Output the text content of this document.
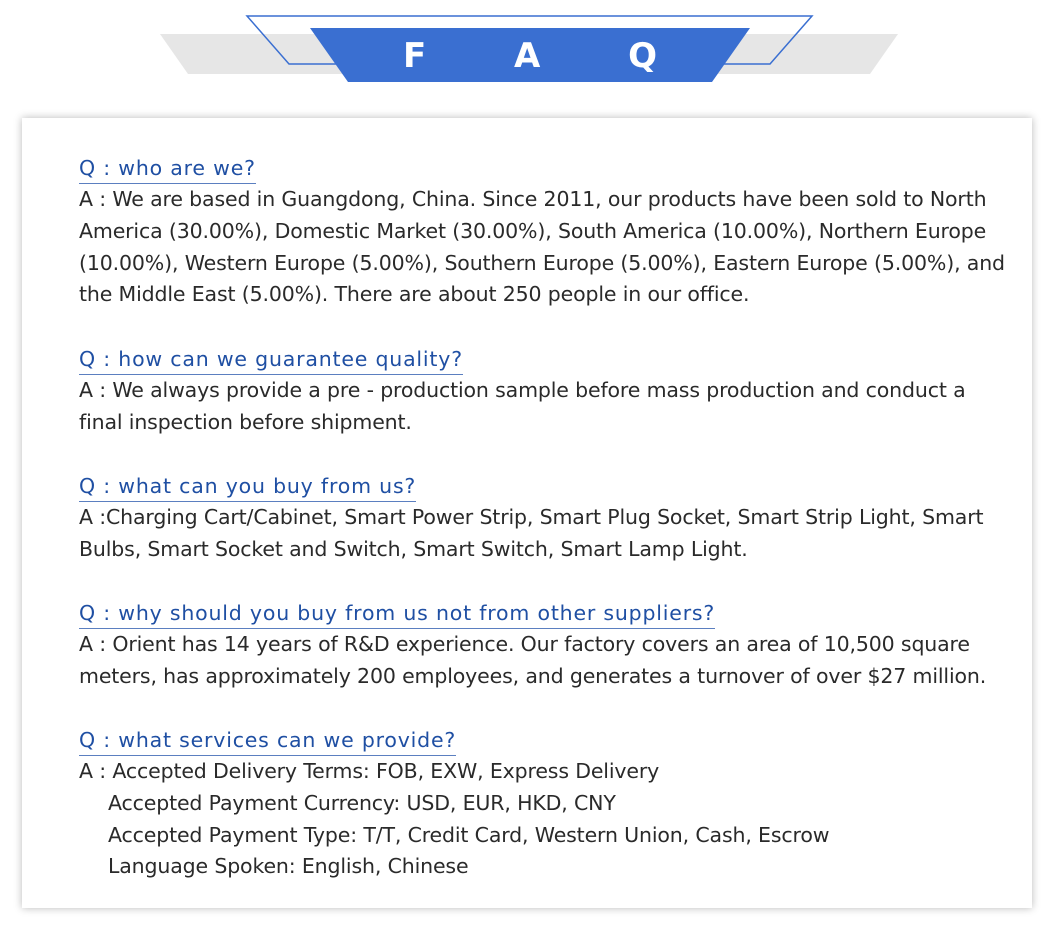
F A Q
Q : who are we?

A : We are based in Guangdong, China. Since 2011, our products have been sold to North America (30.00%), Domestic Market (30.00%), South America (10.00%), Northern Europe (10.00%), Western Europe (5.00%), Southern Europe (5.00%), Eastern Europe (5.00%), and the Middle East (5.00%). There are about 250 people in our office.

Q : how can we guarantee quality?

A : We always provide a pre - production sample before mass production and conduct a final inspection before shipment.

Q : what can you buy from us?

A :Charging Cart/Cabinet, Smart Power Strip, Smart Plug Socket, Smart Strip Light, Smart Bulbs, Smart Socket and Switch, Smart Switch, Smart Lamp Light.

Q : why should you buy from us not from other suppliers?

A : Orient has 14 years of R&D experience. Our factory covers an area of 10,500 square meters, has approximately 200 employees, and generates a turnover of over $27 million.

Q : what services can we provide?
A : Accepted Delivery Terms: FOB, EXW, Express Delivery
Accepted Payment Currency: USD, EUR, HKD, CNY
Accepted Payment Type: T/T, Credit Card, Western Union, Cash, Escrow
Language Spoken: English, Chinese
